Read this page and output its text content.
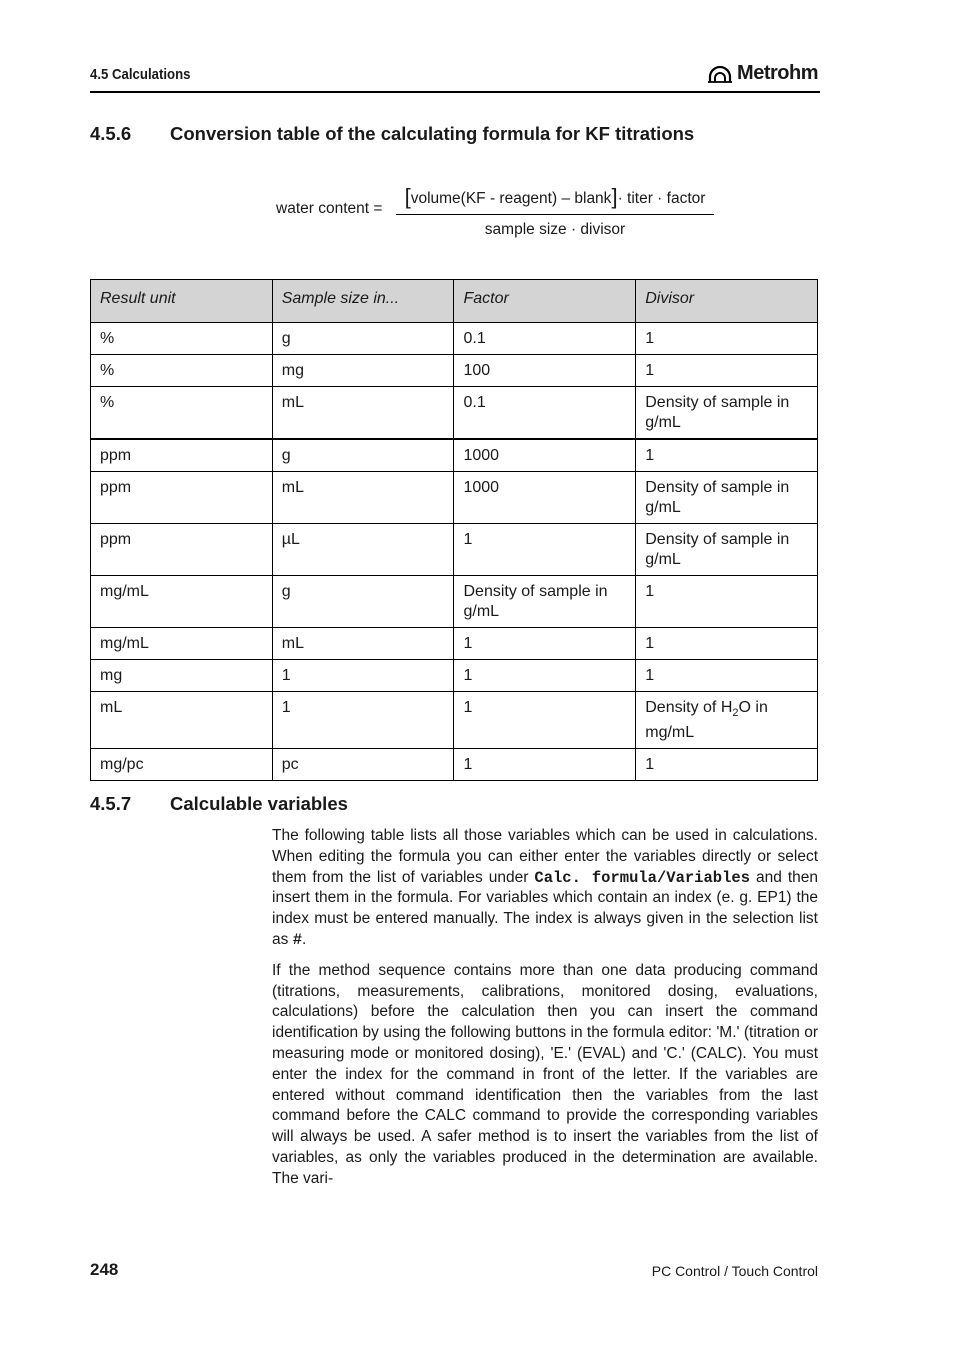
4.5 Calculations	Metrohm
4.5.6	Conversion table of the calculating formula for KF titrations
water content =	[volume(KF - reagent) – blank]· titer · factor
sample size · divisor
Result unit	Sample size in...	Factor	Divisor
%	g	0.1	1
%	mg	100	1
%	mL	0.1	Density of sample in g/mL
ppm	g	1000	1
ppm	mL	1000	Density of sample in g/mL
ppm	µL	1	Density of sample in g/mL
mg/mL	g	Density of sample in g/mL	1
mg/mL	mL	1	1
mg	1	1	1
mL	1	1	Density of $H_2O$ in mg/mL
mg/pc	pc	1	1
4.5.7	Calculable variables

The following table lists all those variables which can be used in calculations. When editing the formula you can either enter the variables directly or select them from the list of variables under Calc. formula/Variables and then insert them in the formula. For variables which contain an index (e. g. EP1) the index must be entered manually. The index is always given in the selection list as #.

If the method sequence contains more than one data producing command (titrations, measurements, calibrations, monitored dosing, evaluations, calculations) before the calculation then you can insert the command identification by using the following buttons in the formula editor: 'M.' (titration or measuring mode or monitored dosing), 'E.' (EVAL) and 'C.' (CALC). You must enter the index for the command in front of the letter. If the variables are entered without command identification then the variables from the last command before the CALC command to provide the corresponding variables will always be used. A safer method is to insert the variables from the list of variables, as only the variables produced in the determination are available. The vari-

248	PC Control / Touch Control
